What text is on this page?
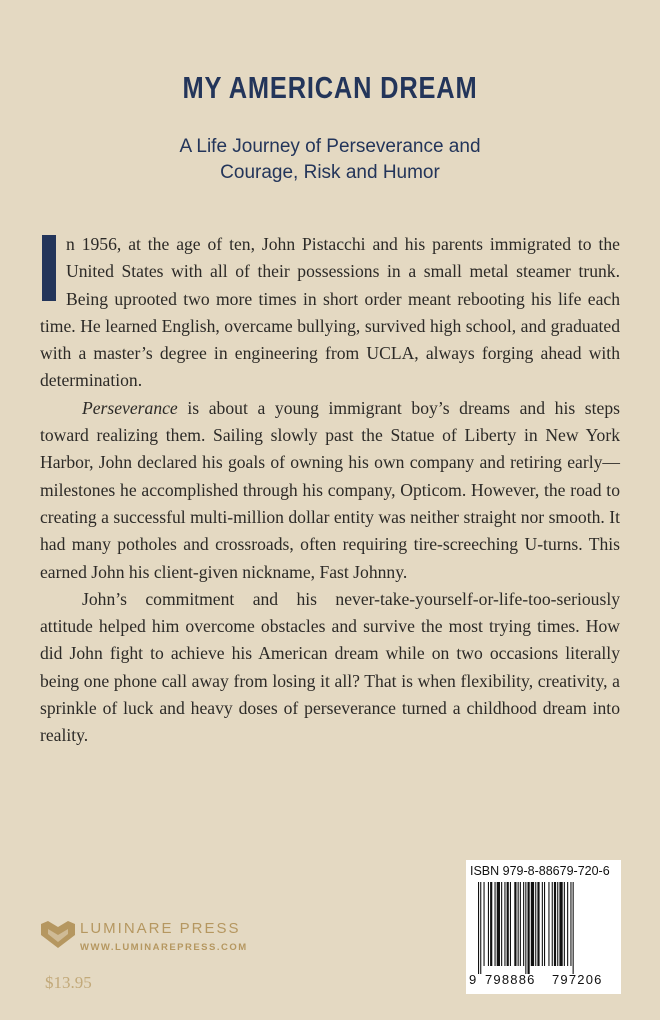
MY AMERICAN DREAM
A Life Journey of Perseverance and
Courage, Risk and Humor

n 1956, at the age of ten, John Pistacchi and his parents immigrated to the United States with all of their possessions in a small metal steamer trunk. Being uprooted two more times in short order meant rebooting his life each time. He learned English, overcame bullying, survived high school, and graduated with a master’s degree in engineering from UCLA, always forging ahead with determination.

Perseverance is about a young immigrant boy’s dreams and his steps toward realizing them. Sailing slowly past the Statue of Liberty in New York Harbor, John declared his goals of owning his own company and retiring early—milestones he accomplished through his company, Opticom. However, the road to creating a successful multi-million dollar entity was neither straight nor smooth. It had many potholes and crossroads, often requiring tire-screeching U-turns. This earned John his client-given nickname, Fast Johnny.

John’s commitment and his never-take-yourself-or-life-too-seriously attitude helped him overcome obstacles and survive the most trying times. How did John fight to achieve his American dream while on two occasions literally being one phone call away from losing it all? That is when flexibility, creativity, a sprinkle of luck and heavy doses of perseverance turned a childhood dream into reality.

LUMINARE PRESS
WWW.LUMINAREPRESS.COM
$13.95
ISBN 979-8-88679-720-6
9 798886 797206
